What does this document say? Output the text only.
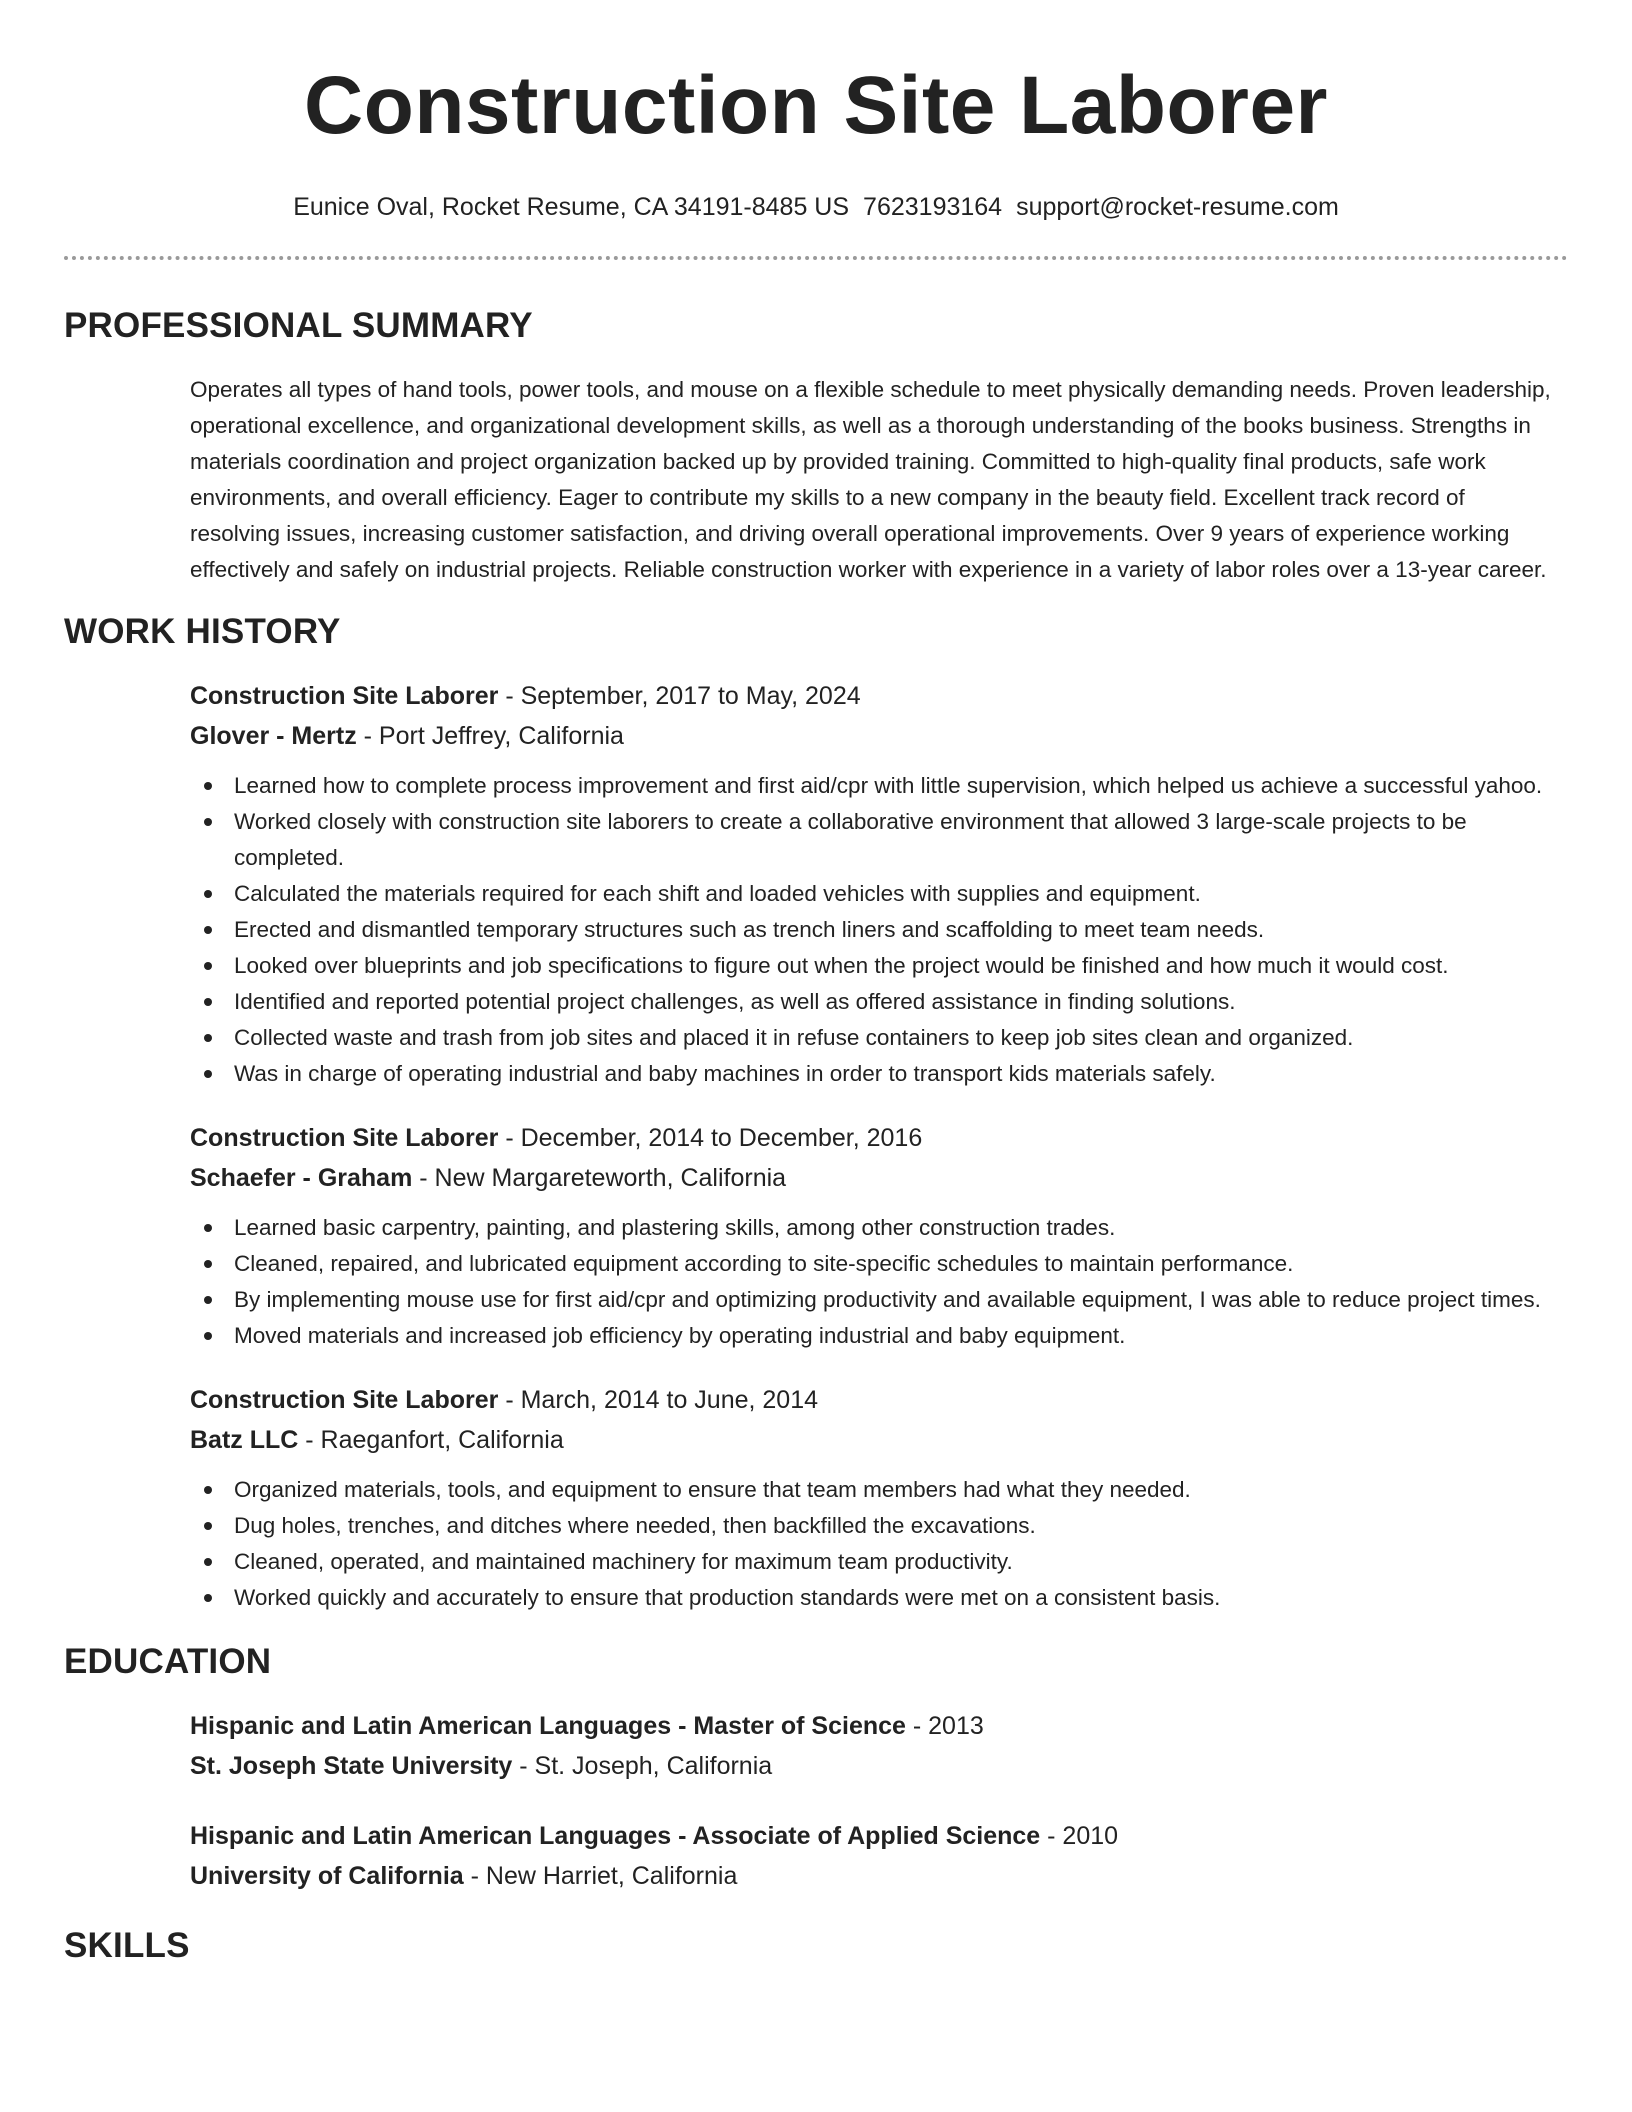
Construction Site Laborer
Eunice Oval, Rocket Resume, CA 34191-8485 US 7623193164 support@rocket-resume.com
PROFESSIONAL SUMMARY

Operates all types of hand tools, power tools, and mouse on a flexible schedule to meet physically demanding needs. Proven leadership, operational excellence, and organizational development skills, as well as a thorough understanding of the books business. Strengths in materials coordination and project organization backed up by provided training. Committed to high-quality final products, safe work environments, and overall efficiency. Eager to contribute my skills to a new company in the beauty field. Excellent track record of resolving issues, increasing customer satisfaction, and driving overall operational improvements. Over 9 years of experience working effectively and safely on industrial projects. Reliable construction worker with experience in a variety of labor roles over a 13-year career.

WORK HISTORY
Construction Site Laborer - September, 2017 to May, 2024
Glover - Mertz - Port Jeffrey, California
Learned how to complete process improvement and first aid/cpr with little supervision, which helped us achieve a successful yahoo.
Worked closely with construction site laborers to create a collaborative environment that allowed 3 large-scale projects to be completed.
Calculated the materials required for each shift and loaded vehicles with supplies and equipment.
Erected and dismantled temporary structures such as trench liners and scaffolding to meet team needs.
Looked over blueprints and job specifications to figure out when the project would be finished and how much it would cost.
Identified and reported potential project challenges, as well as offered assistance in finding solutions.
Collected waste and trash from job sites and placed it in refuse containers to keep job sites clean and organized.
Was in charge of operating industrial and baby machines in order to transport kids materials safely.
Construction Site Laborer - December, 2014 to December, 2016
Schaefer - Graham - New Margareteworth, California
Learned basic carpentry, painting, and plastering skills, among other construction trades.
Cleaned, repaired, and lubricated equipment according to site-specific schedules to maintain performance.
By implementing mouse use for first aid/cpr and optimizing productivity and available equipment, I was able to reduce project times.
Moved materials and increased job efficiency by operating industrial and baby equipment.
Construction Site Laborer - March, 2014 to June, 2014
Batz LLC - Raeganfort, California
Organized materials, tools, and equipment to ensure that team members had what they needed.
Dug holes, trenches, and ditches where needed, then backfilled the excavations.
Cleaned, operated, and maintained machinery for maximum team productivity.
Worked quickly and accurately to ensure that production standards were met on a consistent basis.
EDUCATION
Hispanic and Latin American Languages - Master of Science - 2013
St. Joseph State University - St. Joseph, California
Hispanic and Latin American Languages - Associate of Applied Science - 2010
University of California - New Harriet, California
SKILLS
